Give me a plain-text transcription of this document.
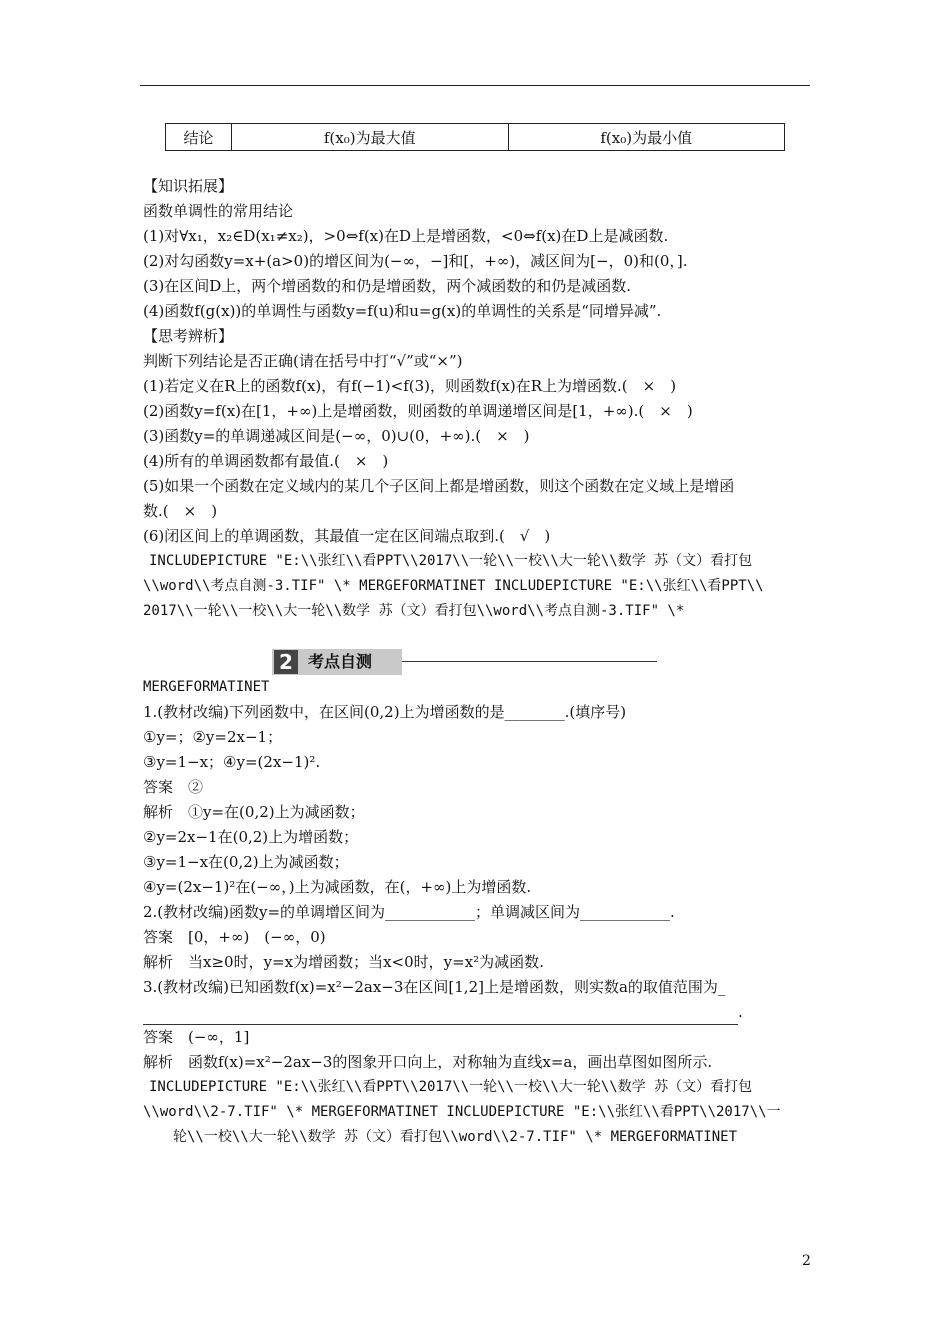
结论	f(x₀)为最大值	f(x₀)为最小值
【知识拓展】
函数单调性的常用结论
(1)对∀x₁，x₂∈D(x₁≠x₂)，>0⇔f(x)在D上是增函数，<0⇔f(x)在D上是减函数.
(2)对勾函数y=x+(a>0)的增区间为(−∞，−]和[，+∞)，减区间为[−，0)和(0，].
(3)在区间D上，两个增函数的和仍是增函数，两个减函数的和仍是减函数.
(4)函数f(g(x))的单调性与函数y=f(u)和u=g(x)的单调性的关系是“同增异减”.
【思考辨析】
判断下列结论是否正确(请在括号中打“√”或“×”)
(1)若定义在R上的函数f(x)，有f(−1)<f(3)，则函数f(x)在R上为增函数.(　×　)
(2)函数y=f(x)在[1，+∞)上是增函数，则函数的单调递增区间是[1，+∞).(　×　)
(3)函数y=的单调递减区间是(−∞，0)∪(0，+∞).(　×　)
(4)所有的单调函数都有最值.(　×　)
(5)如果一个函数在定义域内的某几个子区间上都是增函数，则这个函数在定义域上是增函
数.(　×　)
(6)闭区间上的单调函数，其最值一定在区间端点取到.(　√　)
INCLUDEPICTURE "E:\\张红\\看PPT\\2017\\一轮\\一校\\大一轮\\数学 苏（文）看打包
\\word\\考点自测-3.TIF" \* MERGEFORMATINET INCLUDEPICTURE "E:\\张红\\看PPT\\
2017\\一轮\\一校\\大一轮\\数学 苏（文）看打包\\word\\考点自测-3.TIF" \*
2 考点自测
MERGEFORMATINET
1.(教材改编)下列函数中，在区间(0,2)上为增函数的是________.(填序号)
①y=；②y=2x−1；
③y=1−x；④y=(2x−1)².
答案　②
解析　①y=在(0,2)上为减函数；
②y=2x−1在(0,2)上为增函数；
③y=1−x在(0,2)上为减函数；
④y=(2x−1)²在(−∞，)上为减函数，在(，+∞)上为增函数.
2.(教材改编)函数y=的单调增区间为____________；单调减区间为____________.
答案　[0，+∞)　(−∞，0)
解析　当x≥0时，y=x为增函数；当x<0时，y=x²为减函数.
3.(教材改编)已知函数f(x)=x²−2ax−3在区间[1,2]上是增函数，则实数a的取值范围为_
.
答案　(−∞，1]
解析　函数f(x)=x²−2ax−3的图象开口向上，对称轴为直线x=a，画出草图如图所示.
INCLUDEPICTURE "E:\\张红\\看PPT\\2017\\一轮\\一校\\大一轮\\数学 苏（文）看打包
\\word\\2-7.TIF" \* MERGEFORMATINET INCLUDEPICTURE "E:\\张红\\看PPT\\2017\\一
轮\\一校\\大一轮\\数学 苏（文）看打包\\word\\2-7.TIF" \* MERGEFORMATINET
2
